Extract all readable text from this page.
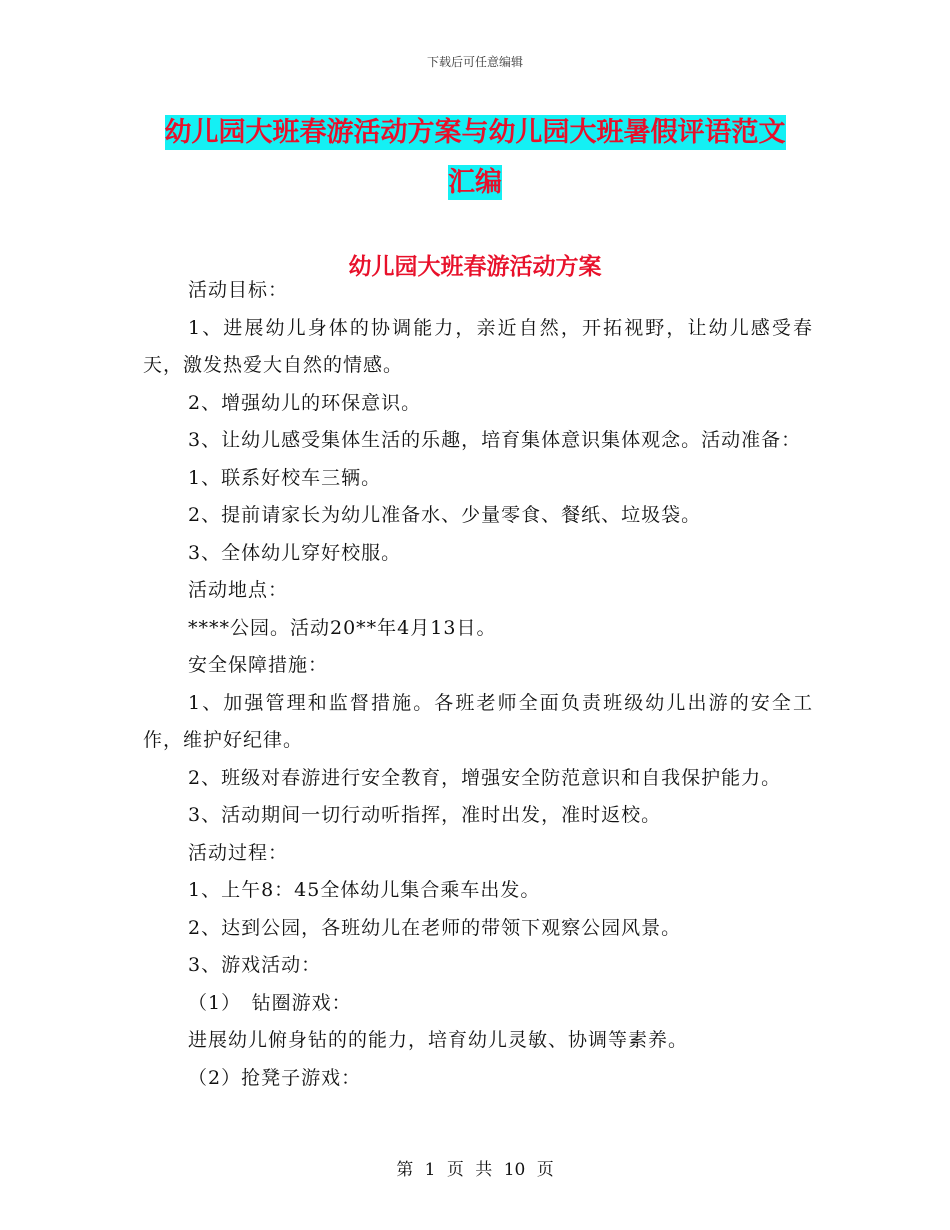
下载后可任意编辑
幼儿园大班春游活动方案与幼儿园大班暑假评语范文
汇编
幼儿园大班春游活动方案

活动目标：

1、进展幼儿身体的协调能力，亲近自然，开拓视野，让幼儿感受春天，激发热爱大自然的情感。

2、增强幼儿的环保意识。

3、让幼儿感受集体生活的乐趣，培育集体意识集体观念。活动准备：

1、联系好校车三辆。

2、提前请家长为幼儿准备水、少量零食、餐纸、垃圾袋。

3、全体幼儿穿好校服。

活动地点：

****公园。活动20**年4月13日。

安全保障措施：

1、加强管理和监督措施。各班老师全面负责班级幼儿出游的安全工作，维护好纪律。

2、班级对春游进行安全教育，增强安全防范意识和自我保护能力。

3、活动期间一切行动听指挥，准时出发，准时返校。

活动过程：

1、上午8：45全体幼儿集合乘车出发。

2、达到公园，各班幼儿在老师的带领下观察公园风景。

3、游戏活动：

（1）　钻圈游戏：

进展幼儿俯身钻的的能力，培育幼儿灵敏、协调等素养。

（2）抢凳子游戏：

第 1 页 共 10 页
